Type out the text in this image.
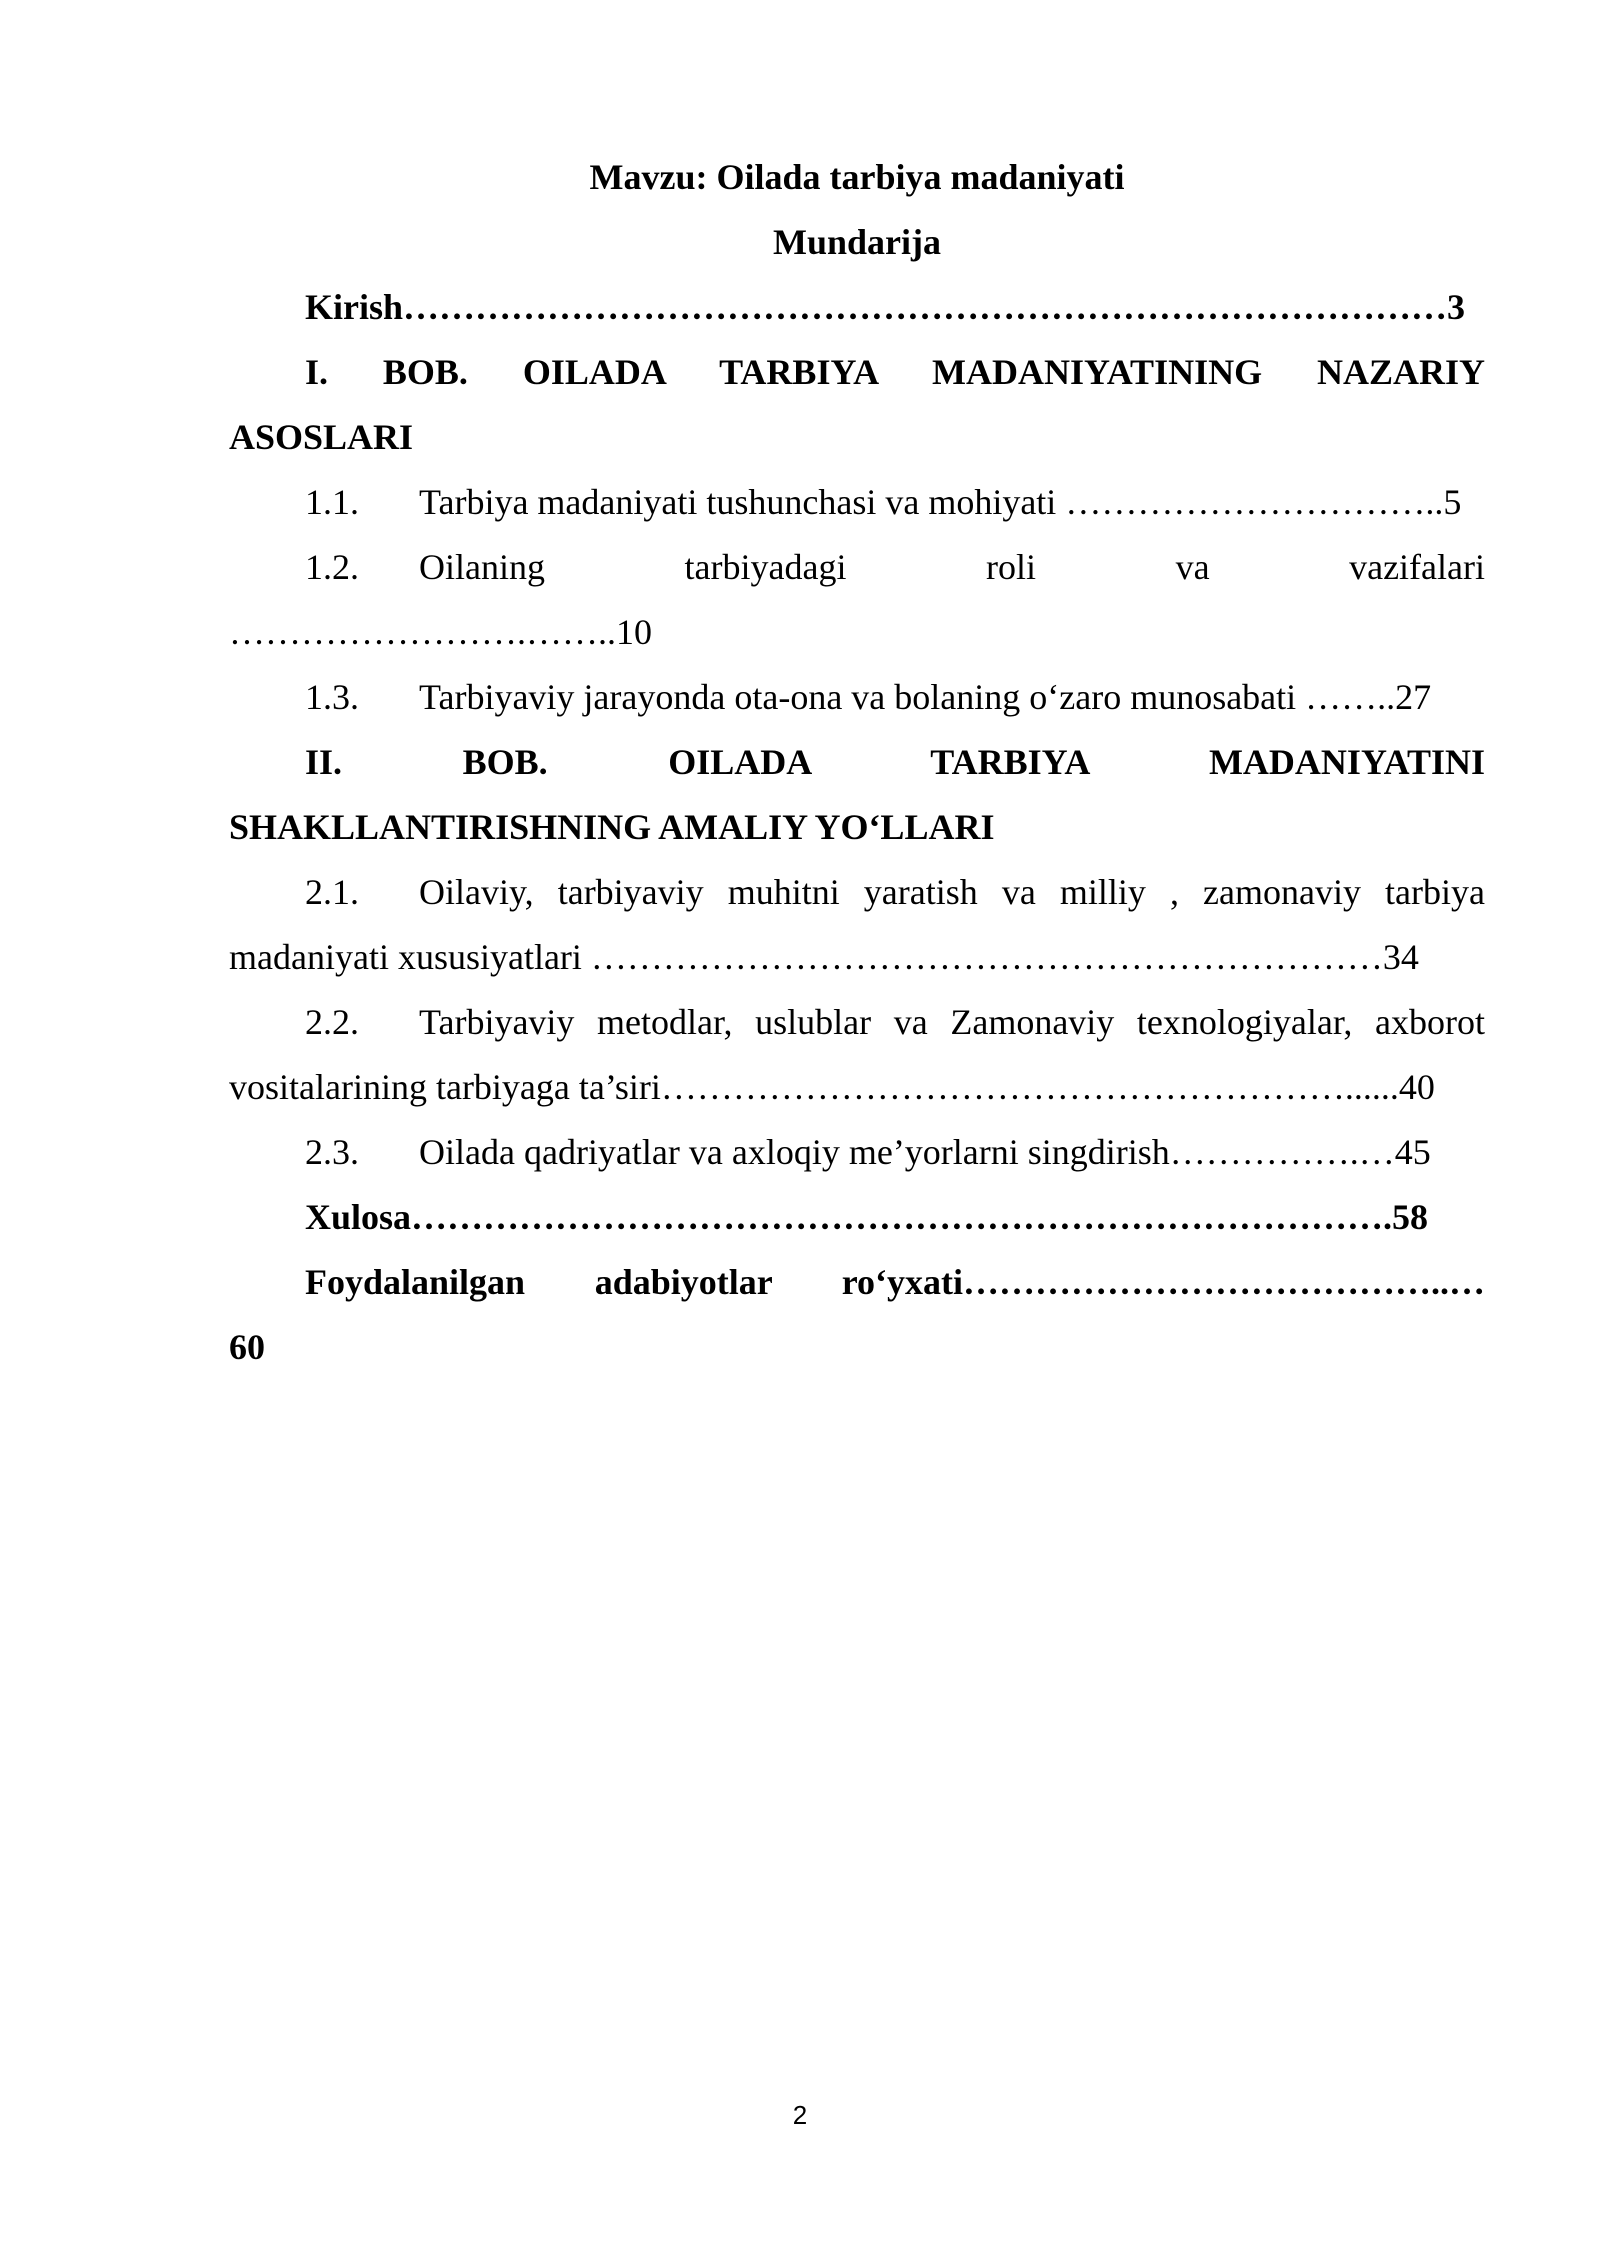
Mavzu: Oilada tarbiya madaniyati
Mundarija
Kirish……………………………………………………………………………3
I. BOB. OILADA TARBIYA MADANIYATINING NAZARIY
ASOSLARI
1.1. Tarbiya madaniyati tushunchasi va mohiyati …………………………..5
1.2. Oilaning tarbiyadagi roli va vazifalari
…………………….……..10
1.3. Tarbiyaviy jarayonda ota-ona va bolaning oʻzaro munosabati ……..27
II. BOB. OILADA TARBIYA MADANIYATINI
SHAKLLANTIRISHNING AMALIY YOʻLLARI
2.1. Oilaviy, tarbiyaviy muhitni yaratish va milliy , zamonaviy tarbiya
madaniyati xususiyatlari …………………………………………………………34
2.2. Tarbiyaviy metodlar, uslublar va Zamonaviy texnologiyalar, axborot
vositalarining tarbiyaga ta’siri…………………………………………………......40
2.3. Oilada qadriyatlar va axloqiy me’yorlarni singdirish…………….…45
Xulosa……………………………………………………………………….58
Foydalanilgan adabiyotlar roʻyxati…………………………………..…
60
2
